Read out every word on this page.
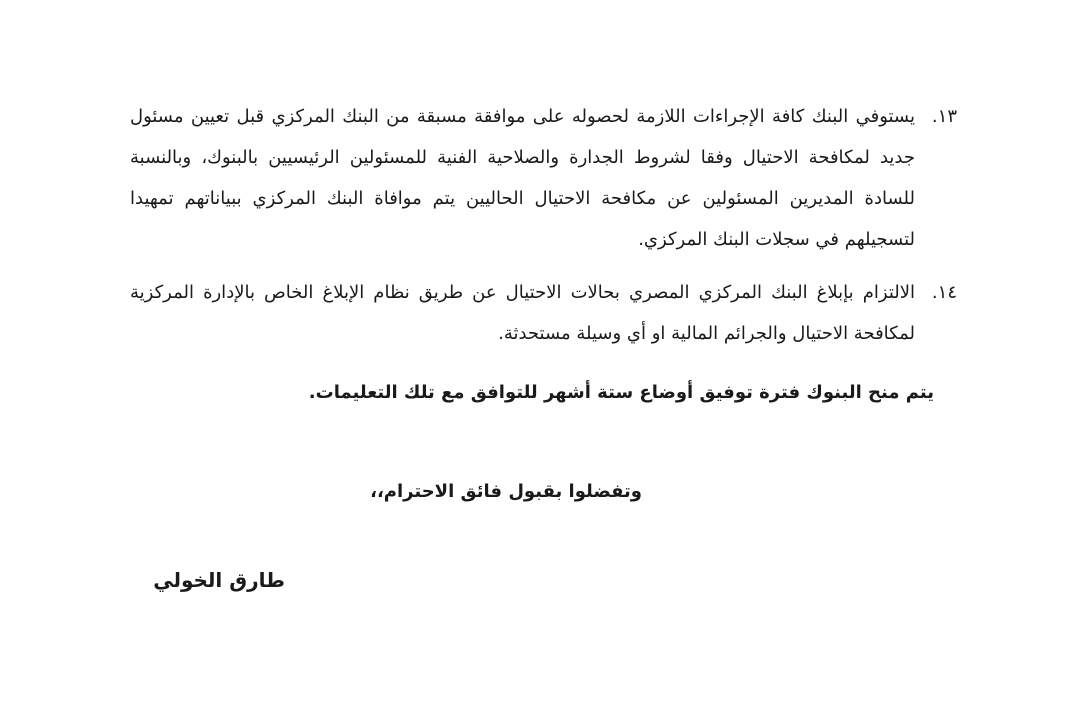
١٣.
يستوفي البنك كافة الإجراءات اللازمة لحصوله على موافقة مسبقة من البنك المركزي قبل تعيين مسئول جديد لمكافحة الاحتيال وفقا لشروط الجدارة والصلاحية الفنية للمسئولين الرئيسيين بالبنوك، وبالنسبة للسادة المديرين المسئولين عن مكافحة الاحتيال الحاليين يتم موافاة البنك المركزي ببياناتهم تمهيدا لتسجيلهم في سجلات البنك المركزي.
١٤.
الالتزام بإبلاغ البنك المركزي المصري بحالات الاحتيال عن طريق نظام الإبلاغ الخاص بالإدارة المركزية لمكافحة الاحتيال والجرائم المالية او أي وسيلة مستحدثة.
يتم منح البنوك فترة توفيق أوضاع ستة أشهر للتوافق مع تلك التعليمات.
وتفضلوا بقبول فائق الاحترام،،
طارق الخولي
